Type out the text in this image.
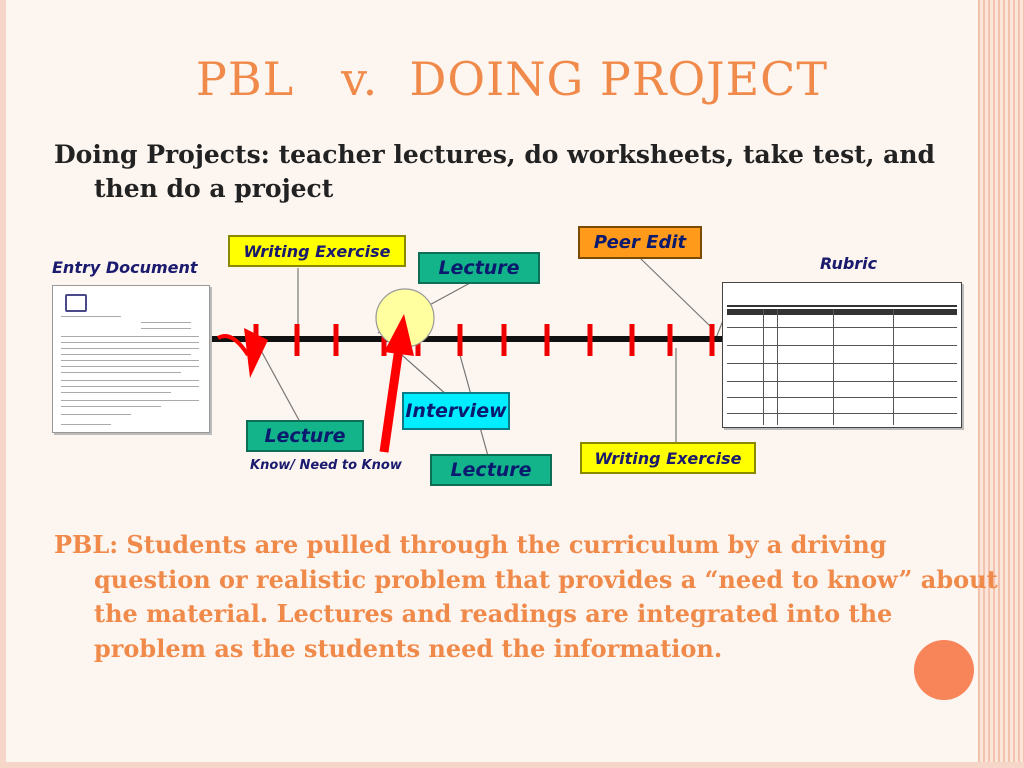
PBL   v.  DOING PROJECT
Doing Projects: teacher lectures, do worksheets, take test, and then do a project
Entry Document	Rubric
Writing Exercise
Lecture
Peer Edit
Interview
Lecture
Lecture
Writing Exercise
Know/ Need to Know
PBL: Students are pulled through the curriculum by a driving question or realistic problem that provides a “need to know” about the material. Lectures and readings are integrated into the problem as the students need the information.
